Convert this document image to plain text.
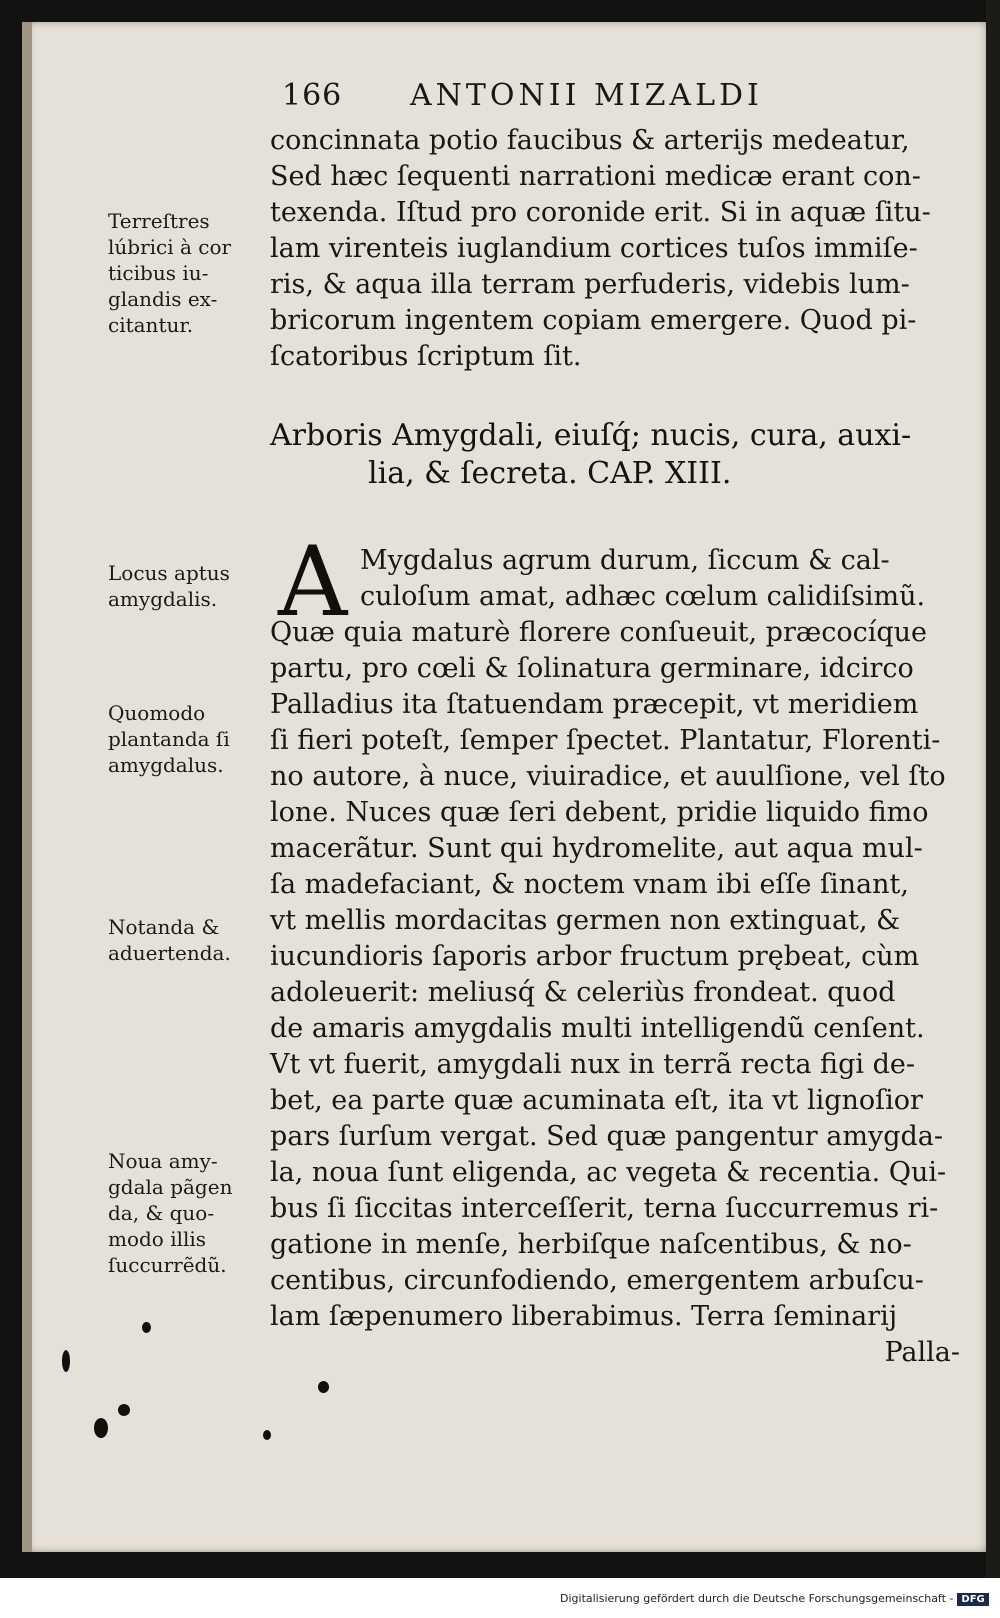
166 ANTONII MIZALDI
concinnata potio faucibus & arterijs medeatur,
Sed hæc ſequenti narrationi medicæ erant con-
texenda. Iſtud pro coronide erit. Si in aquæ ſitu-
lam virenteis iuglandium cortices tuſos immiſe-
ris, & aqua illa terram perfuderis, videbis lum-
bricorum ingentem copiam emergere. Quod pi-
ſcatoribus ſcriptum ſit.
Terreſtres
lúbrici à cor
ticibus iu-
glandis ex-
citantur.
Arboris Amygdali, eiuſq́; nucis, cura, auxi-
lia, & ſecreta. CAP. XIII.
A Mygdalus agrum durum, ſiccum & cal-
culoſum amat, adhæc cœlum calidiſsimũ.
Quæ quia maturè florere conſueuit, præcocíque
partu, pro cœli & ſolinatura germinare, idcirco
Palladius ita ſtatuendam præcepit, vt meridiem
ſi fieri poteſt, ſemper ſpectet. Plantatur, Florenti-
no autore, à nuce, viuiradice, et auulſione, vel ſto
lone. Nuces quæ ſeri debent, pridie liquido fimo
macerãtur. Sunt qui hydromelite, aut aqua mul-
ſa madefaciant, & noctem vnam ibi eſſe ſinant,
vt mellis mordacitas germen non extinguat, &
iucundioris ſaporis arbor fructum prębeat, cùm
adoleuerit: meliusq́ & celeriùs frondeat. quod
de amaris amygdalis multi intelligendũ cenſent.
Vt vt fuerit, amygdali nux in terrã recta figi de-
bet, ea parte quæ acuminata eſt, ita vt lignoſior
pars ſurſum vergat. Sed quæ pangentur amygda-
la, noua ſunt eligenda, ac vegeta & recentia. Qui-
bus ſi ſiccitas interceſſerit, terna ſuccurremus ri-
gatione in menſe, herbiſque naſcentibus, & no-
centibus, circunfodiendo, emergentem arbuſcu-
lam ſæpenumero liberabimus. Terra ſeminarij
Palla-
Locus aptus
amygdalis.
Quomodo
plantanda ſi
amygdalus.
Notanda &
aduertenda.
Noua amy-
gdala pãgen
da, & quo-
modo illis
ſuccurrẽdũ.
Digitalisierung gefördert durch die Deutsche Forschungsgemeinschaft - DFG
